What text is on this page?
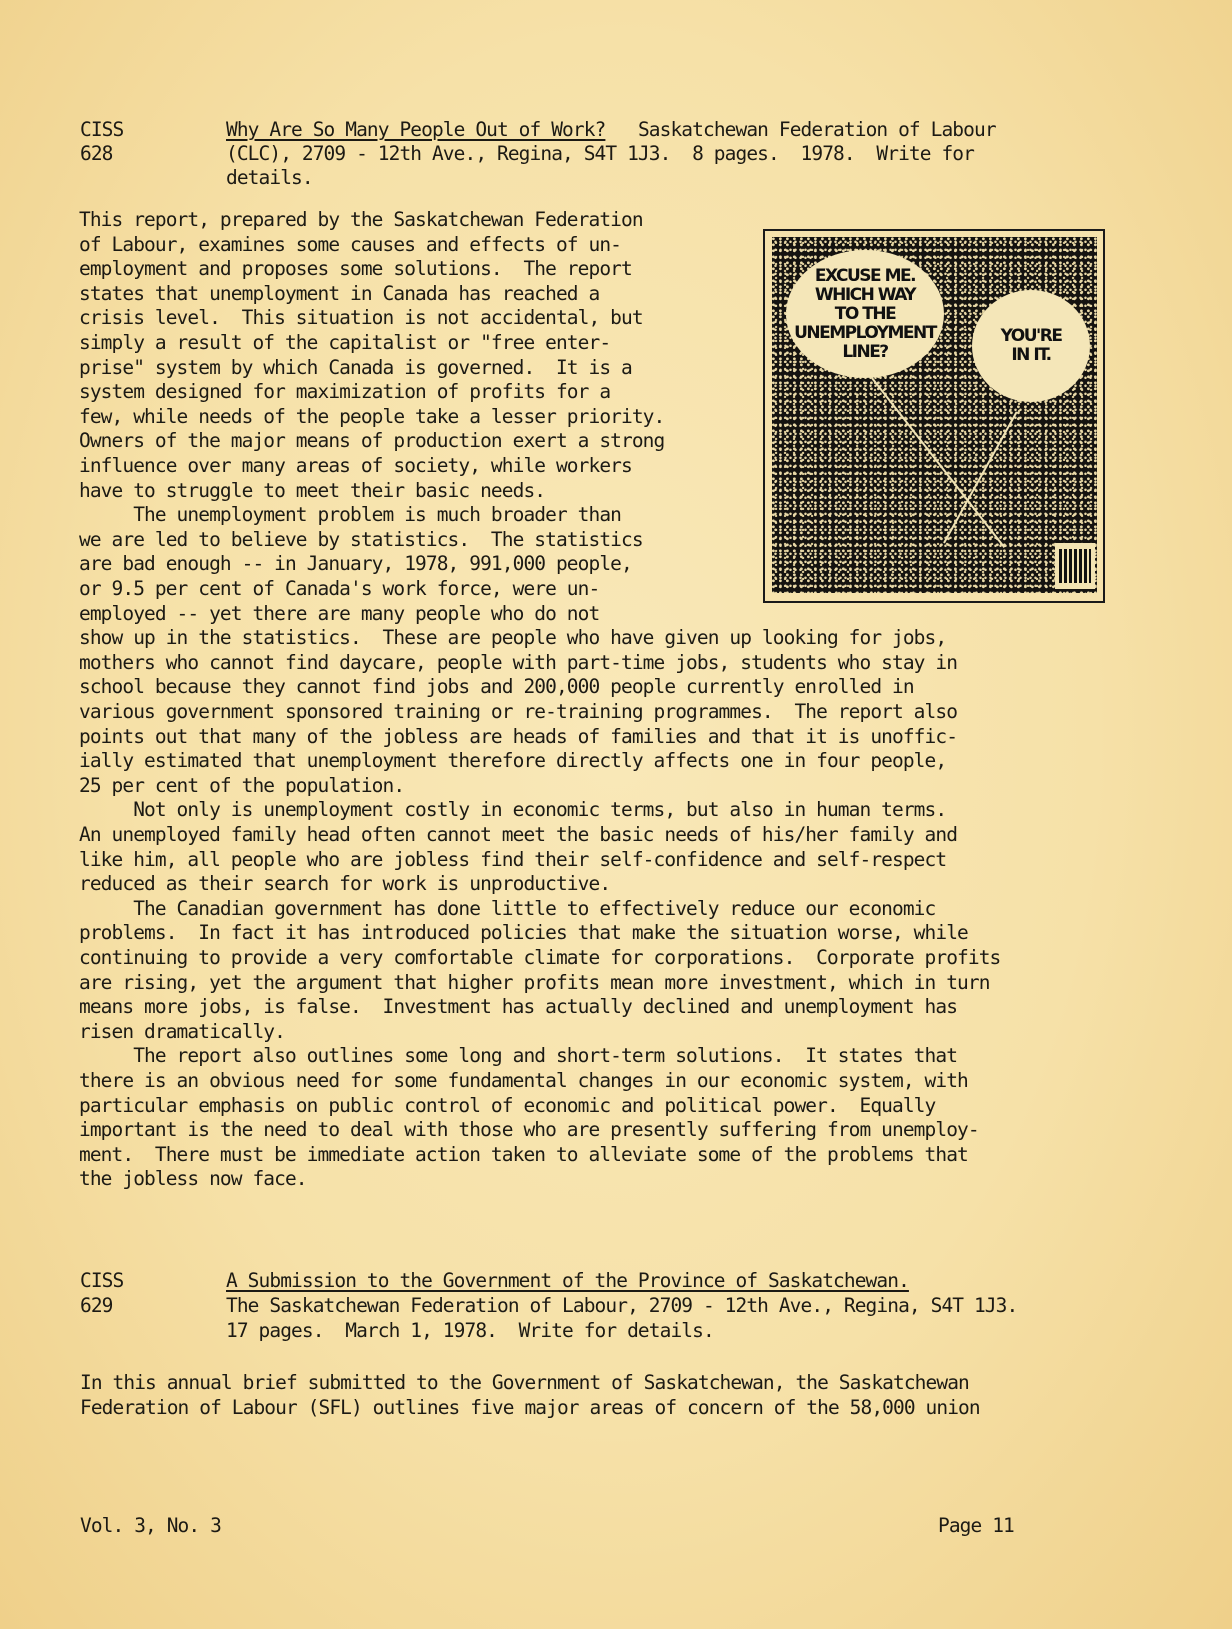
CISS
628
Why Are So Many People Out of Work? Saskatchewan Federation of Labour
(CLC), 2709 - 12th Ave., Regina, S4T 1J3.  8 pages.  1978.  Write for
details.
This report, prepared by the Saskatchewan Federation
of Labour, examines some causes and effects of un-
employment and proposes some solutions.  The report
states that unemployment in Canada has reached a
crisis level.  This situation is not accidental, but
simply a result of the capitalist or "free enter-
prise" system by which Canada is governed.  It is a
system designed for maximization of profits for a
few, while needs of the people take a lesser priority.
Owners of the major means of production exert a strong
influence over many areas of society, while workers
have to struggle to meet their basic needs.
The unemployment problem is much broader than
we are led to believe by statistics.  The statistics
are bad enough -- in January, 1978, 991,000 people,
or 9.5 per cent of Canada's work force, were un-
employed -- yet there are many people who do not
show up in the statistics.  These are people who have given up looking for jobs,
mothers who cannot find daycare, people with part-time jobs, students who stay in
school because they cannot find jobs and 200,000 people currently enrolled in
various government sponsored training or re-training programmes.  The report also
points out that many of the jobless are heads of families and that it is unoffic-
ially estimated that unemployment therefore directly affects one in four people,
25 per cent of the population.
Not only is unemployment costly in economic terms, but also in human terms.
An unemployed family head often cannot meet the basic needs of his/her family and
like him, all people who are jobless find their self-confidence and self-respect
reduced as their search for work is unproductive.
The Canadian government has done little to effectively reduce our economic
problems.  In fact it has introduced policies that make the situation worse, while
continuing to provide a very comfortable climate for corporations.  Corporate profits
are rising, yet the argument that higher profits mean more investment, which in turn
means more jobs, is false.  Investment has actually declined and unemployment has
risen dramatically.
The report also outlines some long and short-term solutions.  It states that
there is an obvious need for some fundamental changes in our economic system, with
particular emphasis on public control of economic and political power.  Equally
important is the need to deal with those who are presently suffering from unemploy-
ment.  There must be immediate action taken to alleviate some of the problems that
the jobless now face.
EXCUSE ME.
WHICH WAY
TO THE
UNEMPLOYMENT
LINE?
YOU'RE
IN IT.
CISS
629
A Submission to the Government of the Province of Saskatchewan.
The Saskatchewan Federation of Labour, 2709 - 12th Ave., Regina, S4T 1J3.
17 pages.  March 1, 1978.  Write for details.
In this annual brief submitted to the Government of Saskatchewan, the Saskatchewan
Federation of Labour (SFL) outlines five major areas of concern of the 58,000 union
Vol. 3, No. 3	Page 11
